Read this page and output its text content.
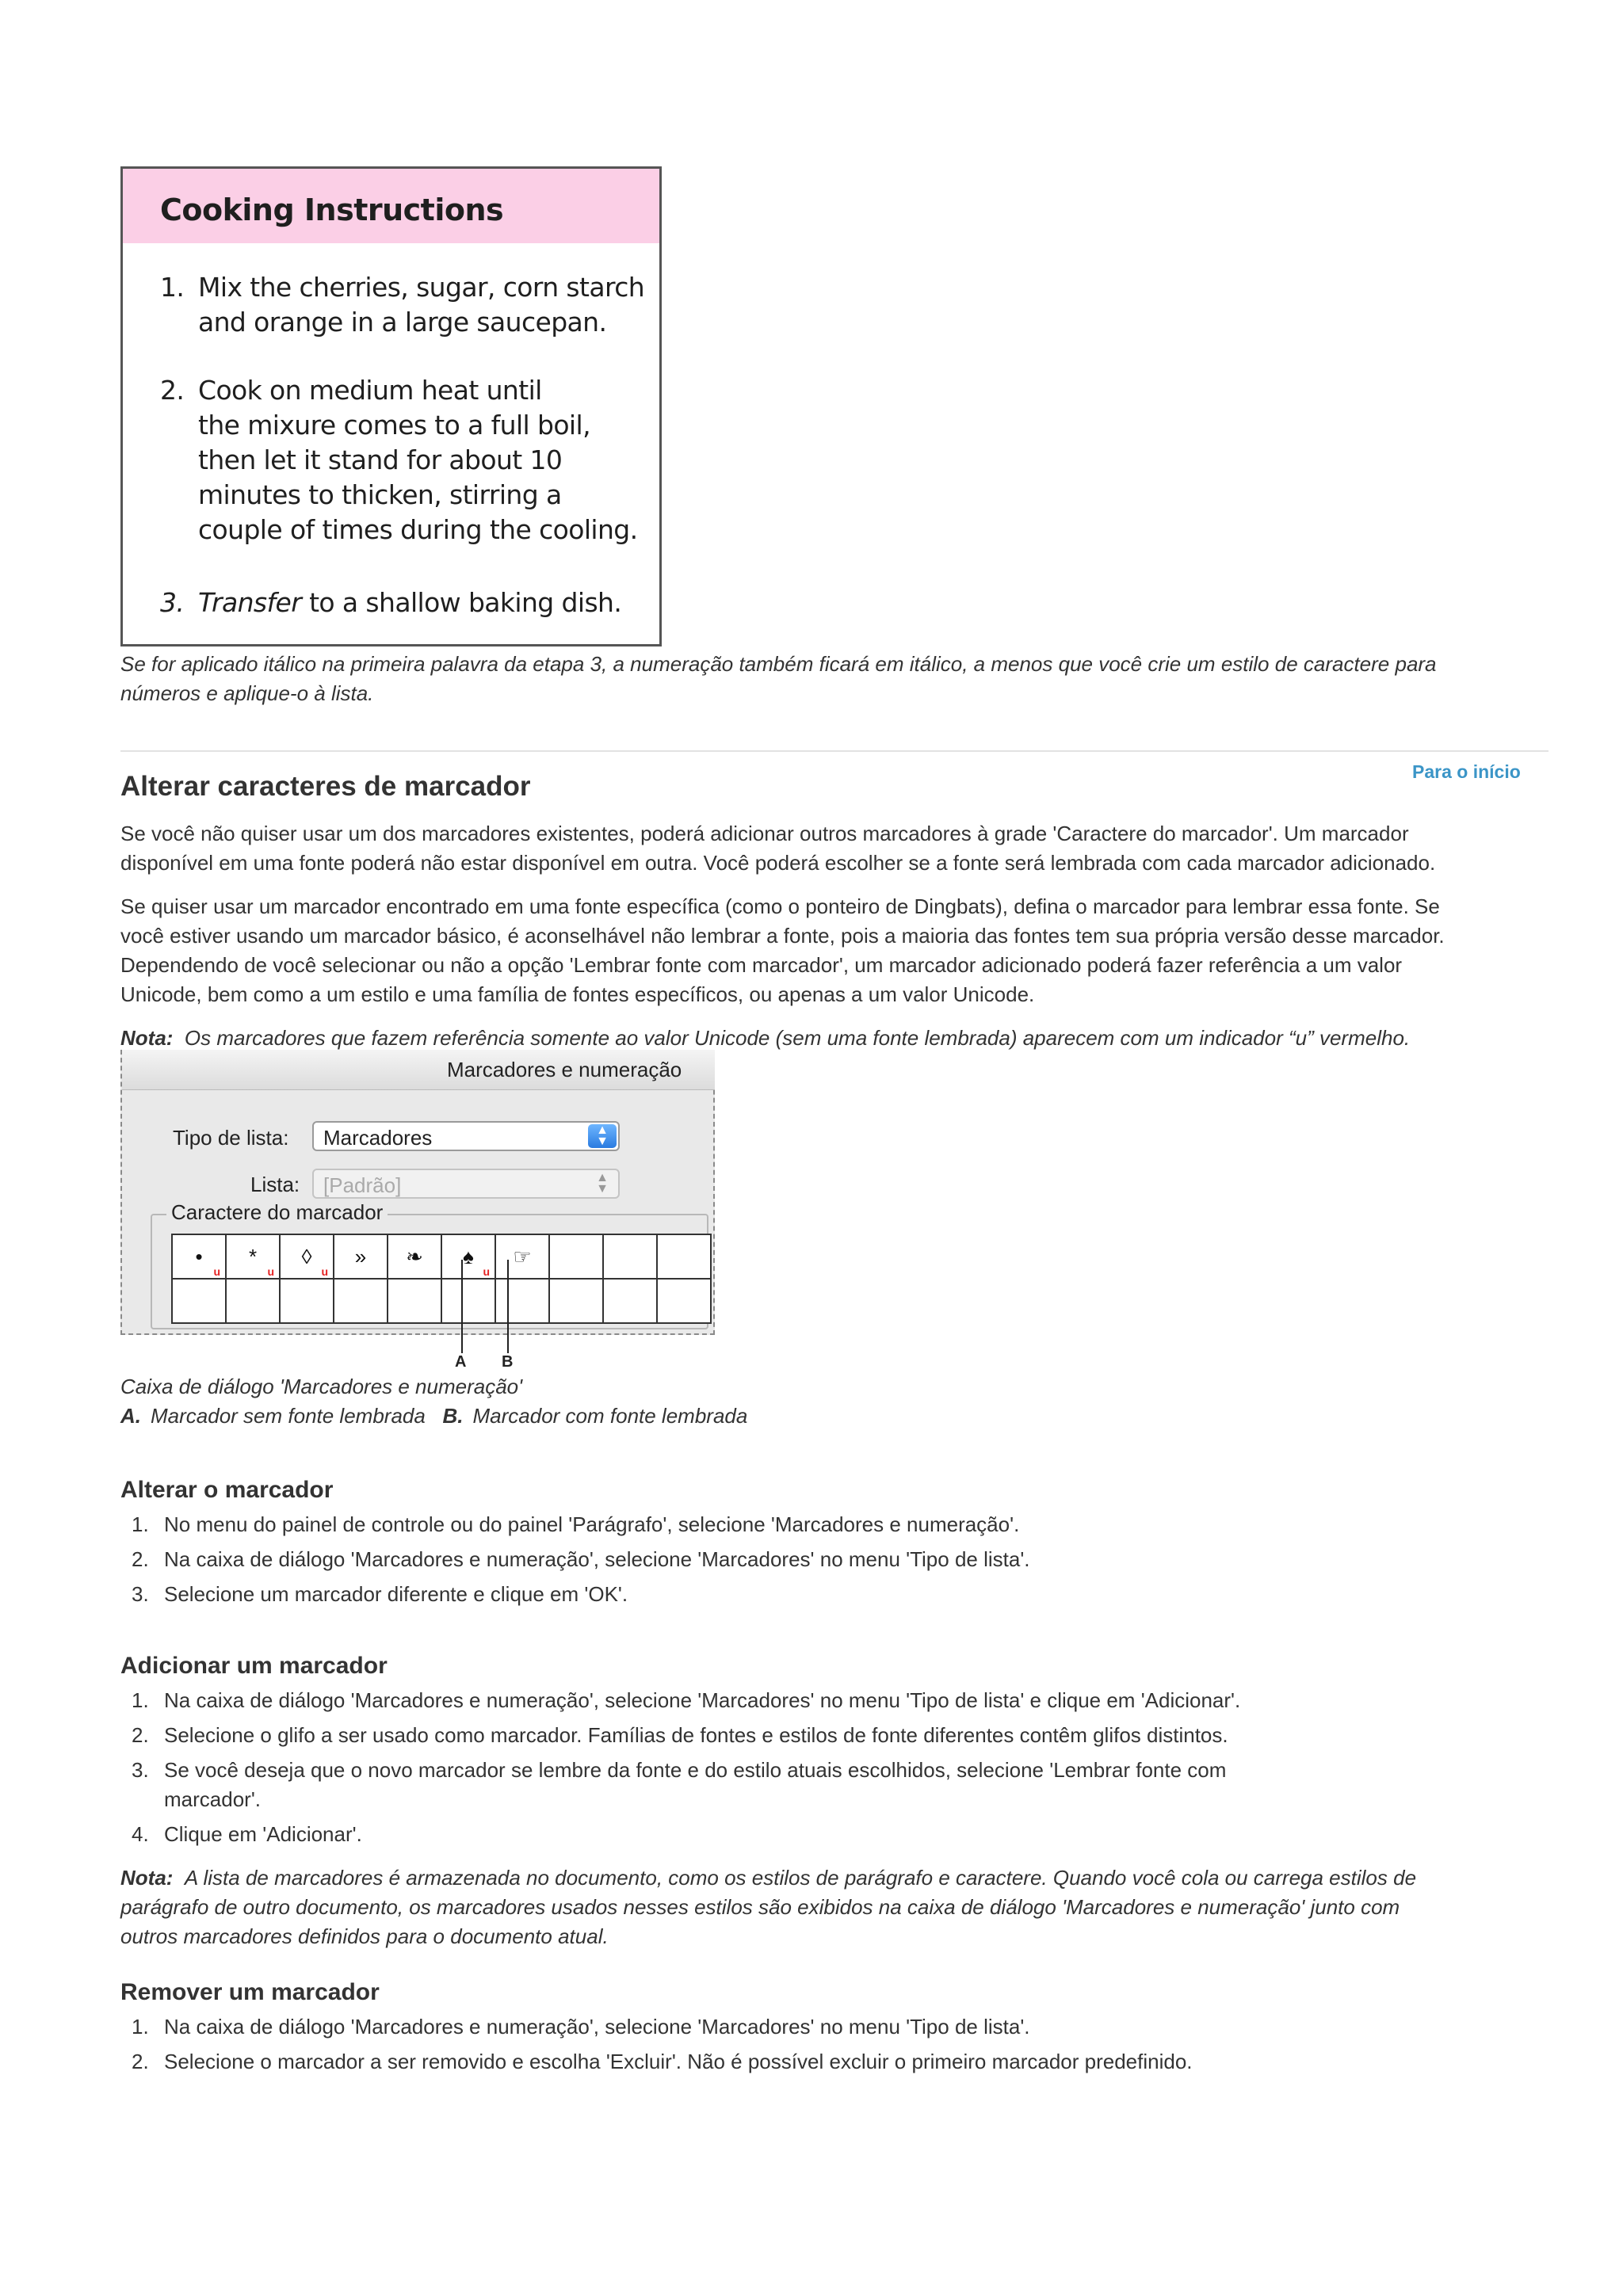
Cooking Instructions
1. Mix the cherries, sugar, corn starch
and orange in a large saucepan.
2. Cook on medium heat until
the mixure comes to a full boil,
then let it stand for about 10
minutes to thicken, stirring a
couple of times during the cooling.
3. Transfer to a shallow baking dish.

Se for aplicado itálico na primeira palavra da etapa 3, a numeração também ficará em itálico, a menos que você crie um estilo de caractere para
números e aplique-o à lista.

Para o início
Alterar caracteres de marcador

Se você não quiser usar um dos marcadores existentes, poderá adicionar outros marcadores à grade 'Caractere do marcador'. Um marcador
disponível em uma fonte poderá não estar disponível em outra. Você poderá escolher se a fonte será lembrada com cada marcador adicionado.

Se quiser usar um marcador encontrado em uma fonte específica (como o ponteiro de Dingbats), defina o marcador para lembrar essa fonte. Se
você estiver usando um marcador básico, é aconselhável não lembrar a fonte, pois a maioria das fontes tem sua própria versão desse marcador.
Dependendo de você selecionar ou não a opção 'Lembrar fonte com marcador', um marcador adicionado poderá fazer referência a um valor
Unicode, bem como a um estilo e uma família de fontes específicos, ou apenas a um valor Unicode.

Nota: Os marcadores que fazem referência somente ao valor Unicode (sem uma fonte lembrada) aparecem com um indicador “u” vermelho.

Marcadores e numeração
Tipo de lista:	Marcadores	▲
▼
Lista:	[Padrão]	▲
▼
Caractere do marcador
•
u	*
u	◊
u	»	❧	♠
u	☞			

A B

Caixa de diálogo 'Marcadores e numeração'
A. Marcador sem fonte lembrada B. Marcador com fonte lembrada

Alterar o marcador
1. No menu do painel de controle ou do painel 'Parágrafo', selecione 'Marcadores e numeração'.
2. Na caixa de diálogo 'Marcadores e numeração', selecione 'Marcadores' no menu 'Tipo de lista'.
3. Selecione um marcador diferente e clique em 'OK'.
Adicionar um marcador
1. Na caixa de diálogo 'Marcadores e numeração', selecione 'Marcadores' no menu 'Tipo de lista' e clique em 'Adicionar'.
2. Selecione o glifo a ser usado como marcador. Famílias de fontes e estilos de fonte diferentes contêm glifos distintos.
3. Se você deseja que o novo marcador se lembre da fonte e do estilo atuais escolhidos, selecione 'Lembrar fonte com
marcador'.
4. Clique em 'Adicionar'.

Nota: A lista de marcadores é armazenada no documento, como os estilos de parágrafo e caractere. Quando você cola ou carrega estilos de
parágrafo de outro documento, os marcadores usados nesses estilos são exibidos na caixa de diálogo 'Marcadores e numeração' junto com
outros marcadores definidos para o documento atual.

Remover um marcador
1. Na caixa de diálogo 'Marcadores e numeração', selecione 'Marcadores' no menu 'Tipo de lista'.
2. Selecione o marcador a ser removido e escolha 'Excluir'. Não é possível excluir o primeiro marcador predefinido.
